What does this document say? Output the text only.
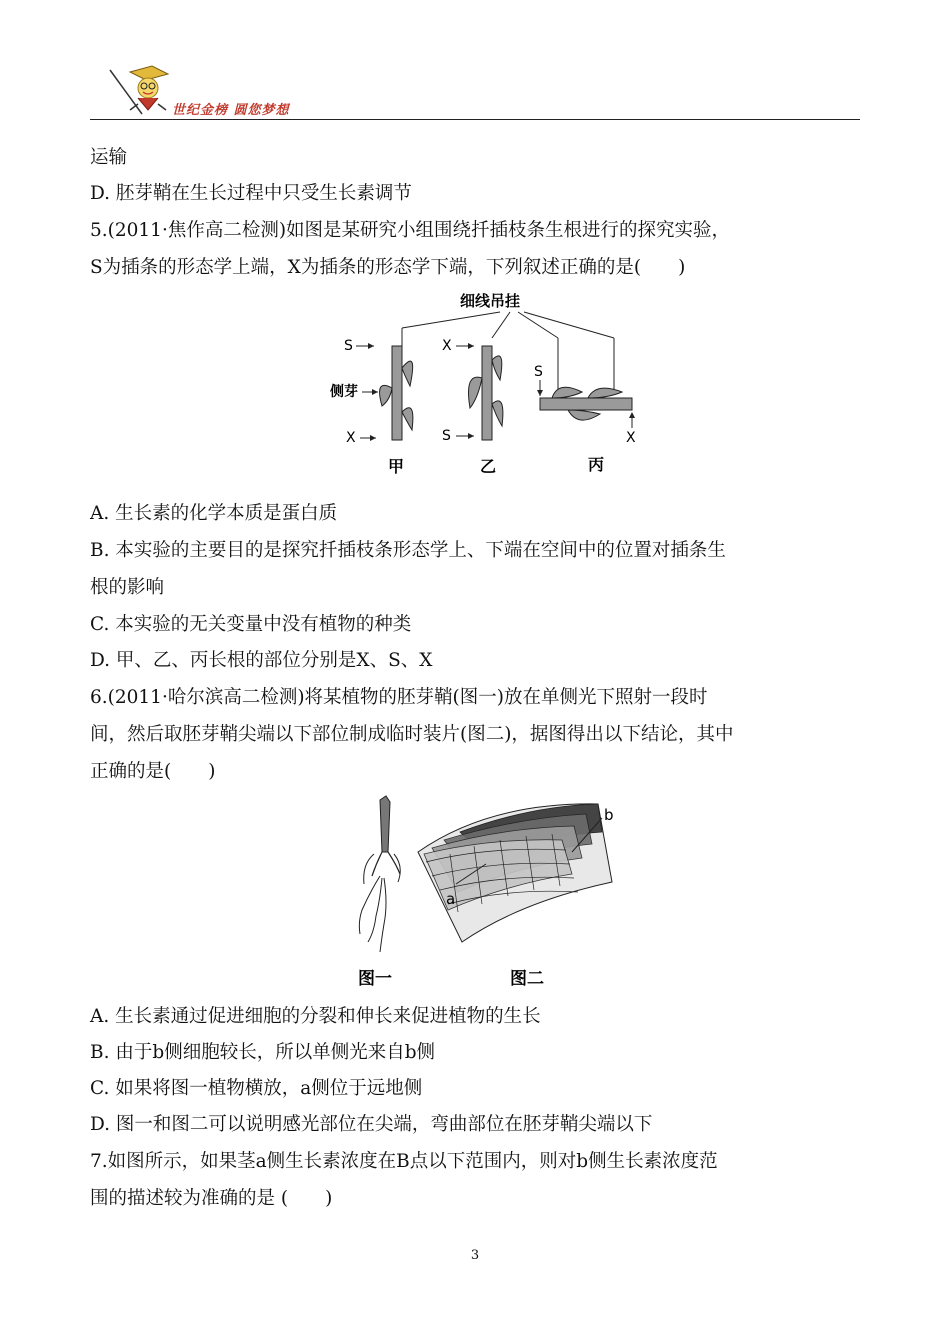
世纪金榜 圆您梦想
运输
D. 胚芽鞘在生长过程中只受生长素调节
5.(2011·焦作高二检测)如图是某研究小组围绕扦插枝条生根进行的探究实验，
S为插条的形态学上端，X为插条的形态学下端，下列叙述正确的是(　　)
细线吊挂
S
侧芽
X
甲
X
S
乙
S
X
丙
A. 生长素的化学本质是蛋白质
B. 本实验的主要目的是探究扦插枝条形态学上、下端在空间中的位置对插条生
根的影响
C. 本实验的无关变量中没有植物的种类
D. 甲、乙、丙长根的部位分别是X、S、X
6.(2011·哈尔滨高二检测)将某植物的胚芽鞘(图一)放在单侧光下照射一段时
间，然后取胚芽鞘尖端以下部位制成临时装片(图二)，据图得出以下结论，其中
正确的是(　　)
图一
b
a
图二
A. 生长素通过促进细胞的分裂和伸长来促进植物的生长
B. 由于b侧细胞较长，所以单侧光来自b侧
C. 如果将图一植物横放，a侧位于远地侧
D. 图一和图二可以说明感光部位在尖端，弯曲部位在胚芽鞘尖端以下
7.如图所示，如果茎a侧生长素浓度在B点以下范围内，则对b侧生长素浓度范
围的描述较为准确的是 (　　)
3
